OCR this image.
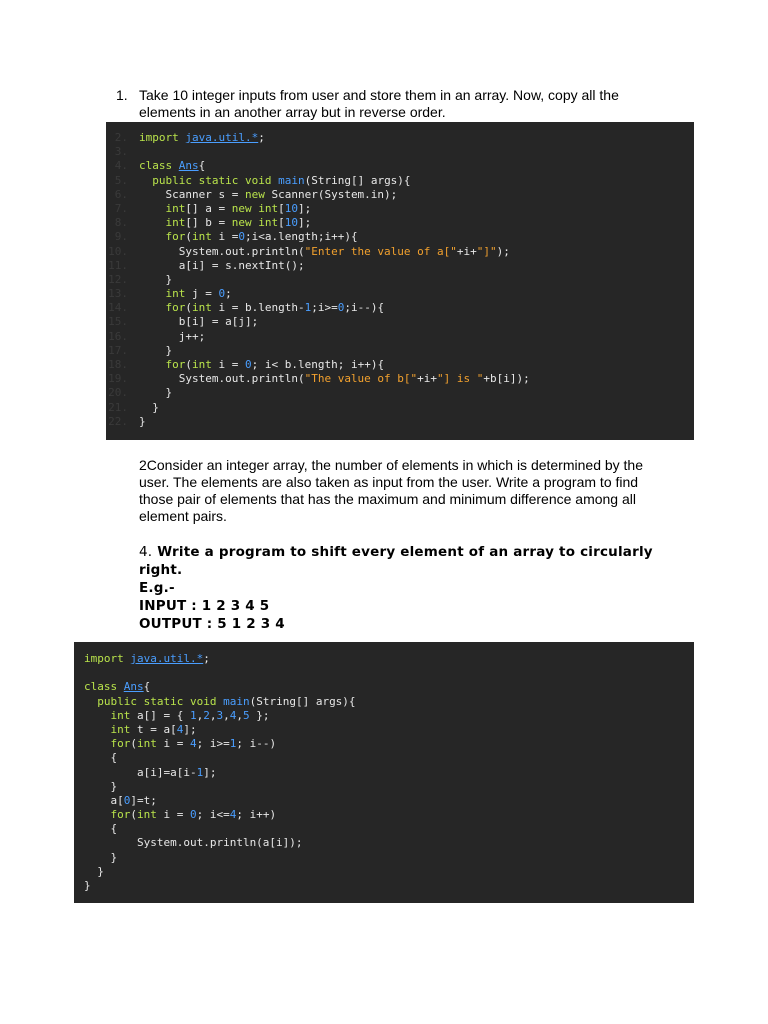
1. Take 10 integer inputs from user and store them in an array. Now, copy all the elements in an another array but in reverse order.
2. import java.util.*;
3.
4. class Ans{
5. public static void main(String[] args){
6.    Scanner s = new Scanner(System.in);
7.	int[] a = new int[10];
8.	int[] b = new int[10];
9.	for(int i =0;i<a.length;i++){
10.      System.out.println("Enter the value of a["+i+"]");
11.      a[i] = s.nextInt();
12.    }
13.	int j = 0;
14.	for(int i = b.length-1;i>=0;i--){
15.      b[i] = a[j];
16.      j++;
17.    }
18.	for(int i = 0; i< b.length; i++){
19.      System.out.println("The value of b["+i+"] is "+b[i]);
20.    }
21.  }
22. }
2Consider an integer array, the number of elements in which is determined by the user. The elements are also taken as input from the user. Write a program to find those pair of elements that has the maximum and minimum difference among all element pairs.
4. Write a program to shift every element of an array to circularly right.
E.g.-
INPUT : 1 2 3 4 5
OUTPUT : 5 1 2 3 4
import java.util.*;
class Ans{
public static void main(String[] args){
int a[] = { 1,2,3,4,5 };
int t = a[4];
for(int i = 4; i>=1; i--)
{
a[i]=a[i-1];
}
a[0]=t;
for(int i = 0; i<=4; i++)
{
System.out.println(a[i]);
}
}
}
